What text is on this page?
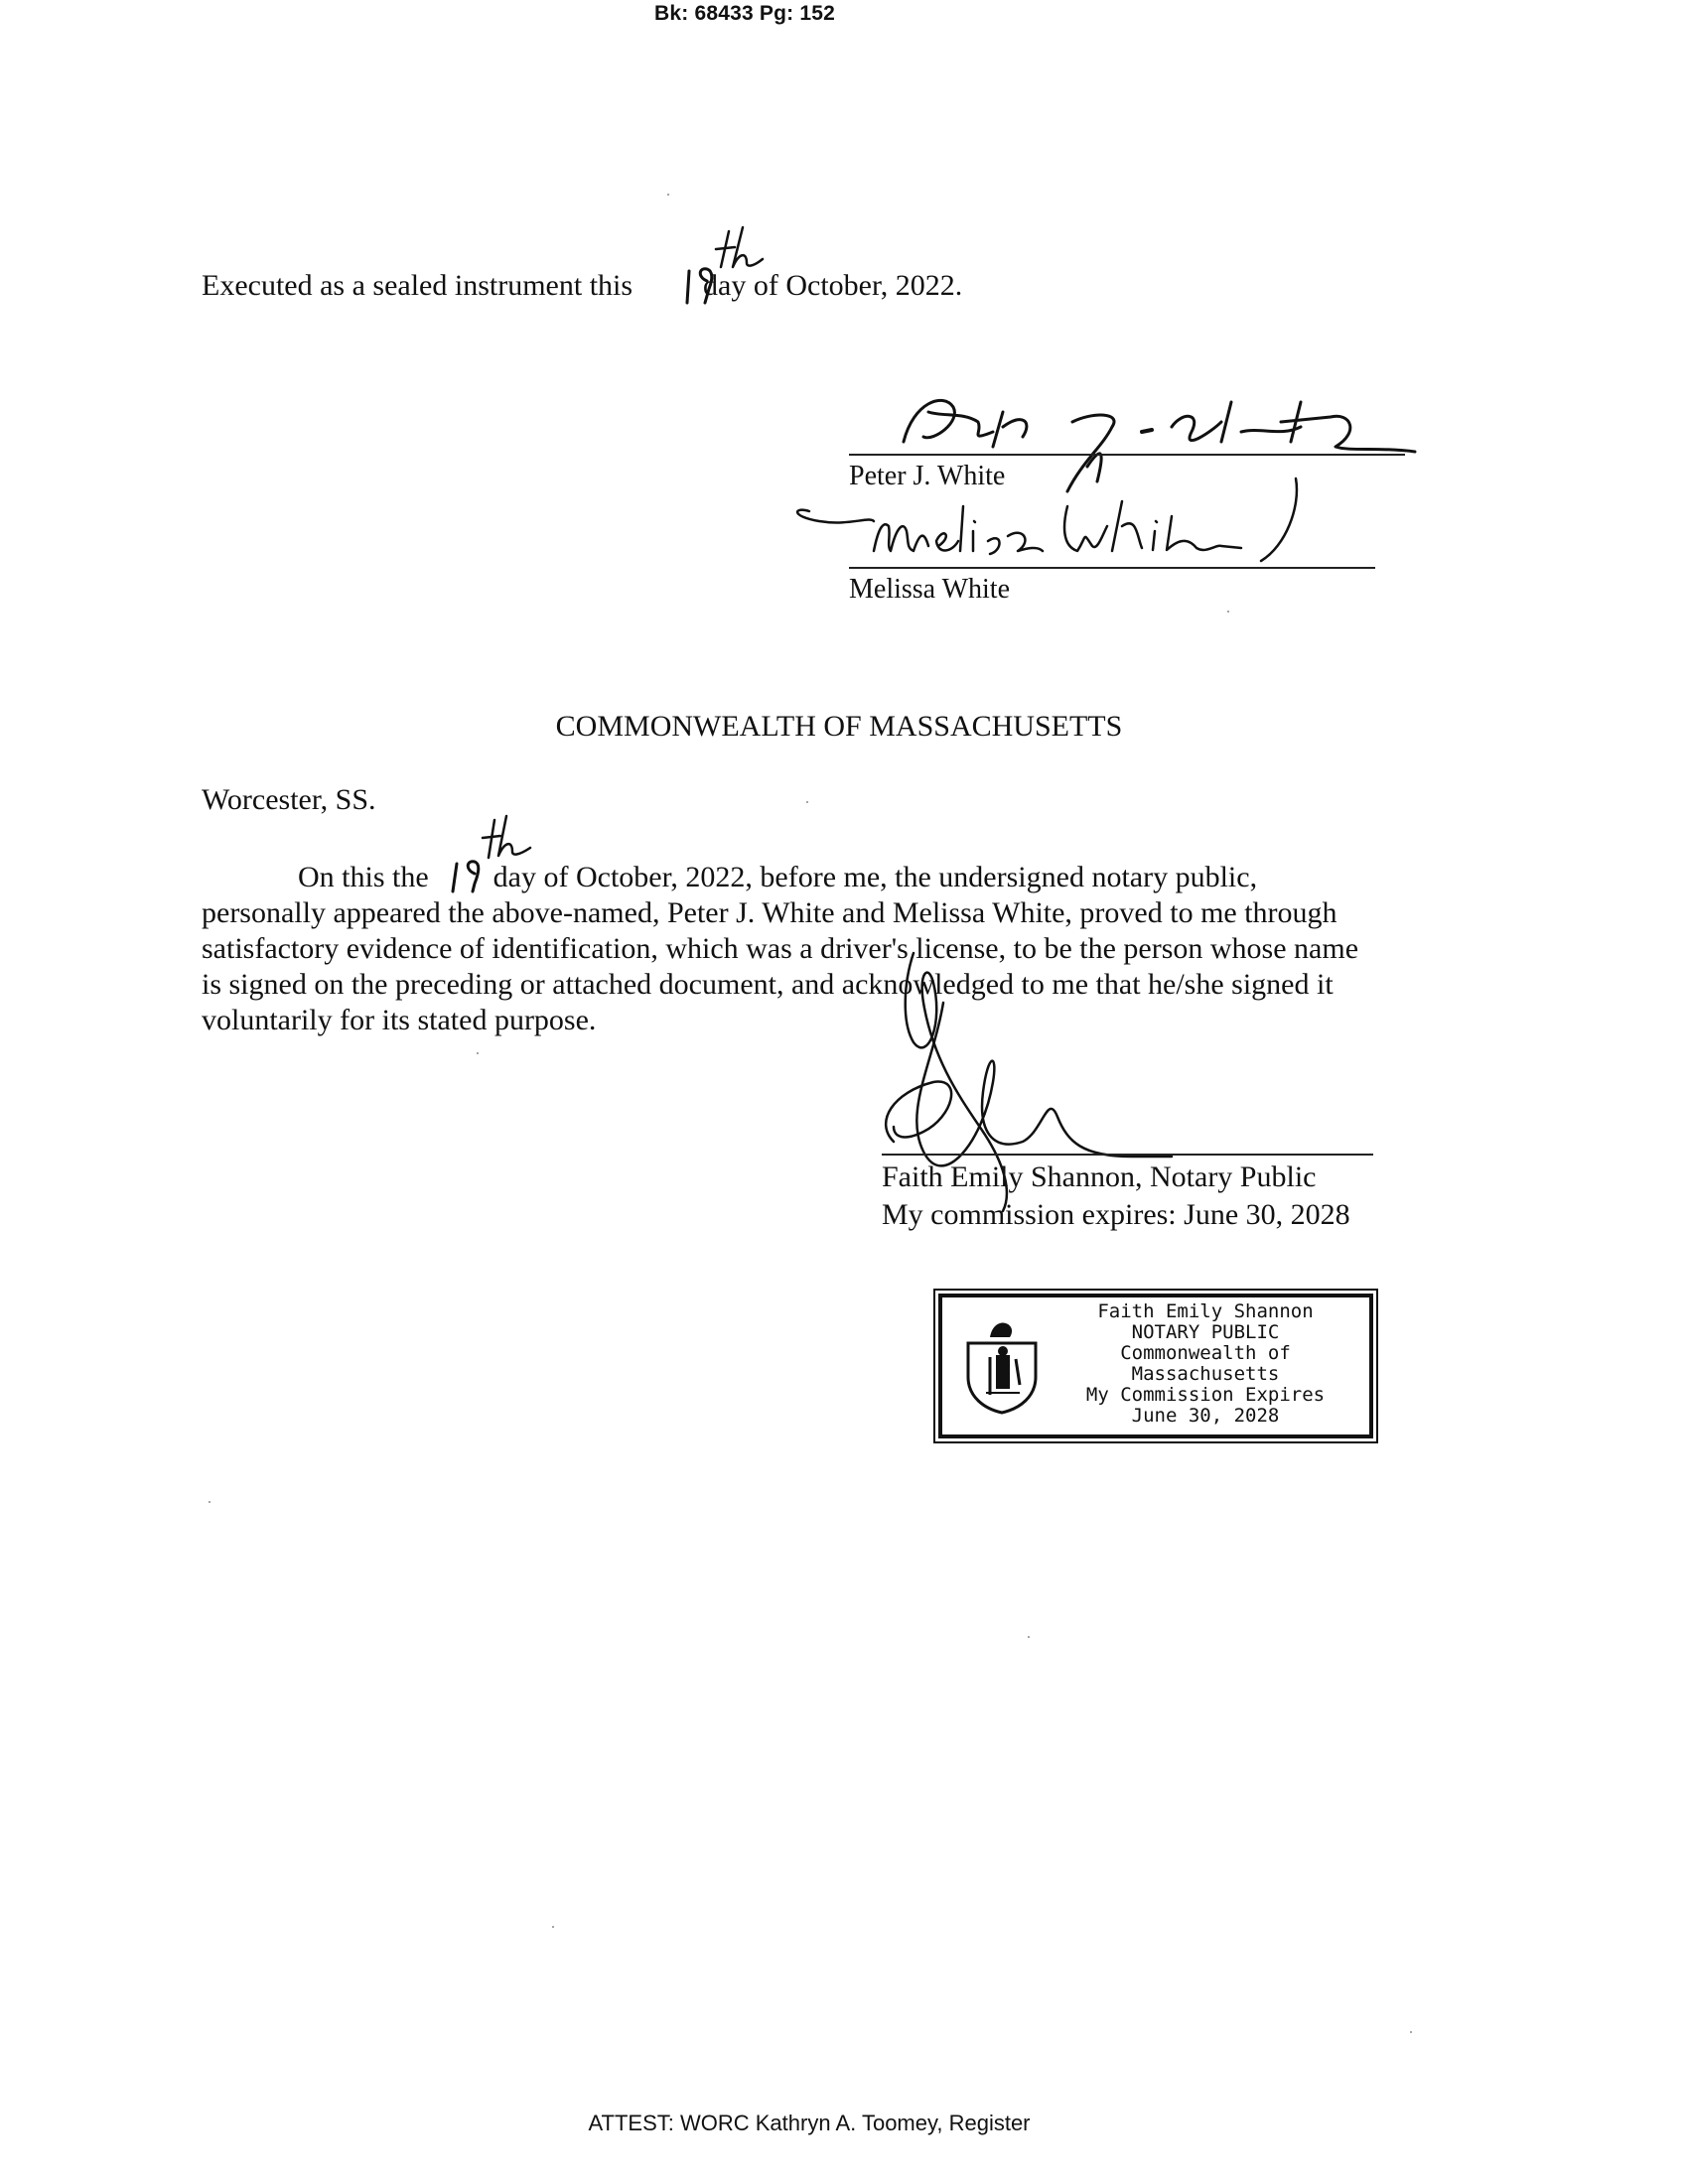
Bk: 68433 Pg: 152
Executed as a sealed instrument this day of October, 2022.
Peter J. White
Melissa White
COMMONWEALTH OF MASSACHUSETTS
Worcester, SS.

On this the day of October, 2022, before me, the undersigned notary public,

personally appeared the above-named, Peter J. White and Melissa White, proved to me through

satisfactory evidence of identification, which was a driver's license, to be the person whose name

is signed on the preceding or attached document, and acknowledged to me that he/she signed it

voluntarily for its stated purpose.

Faith Emily Shannon, Notary Public
My commission expires: June 30, 2028
Faith Emily Shannon
NOTARY PUBLIC
Commonwealth of
Massachusetts
My Commission Expires
June 30, 2028
ATTEST: WORC Kathryn A. Toomey, Register
